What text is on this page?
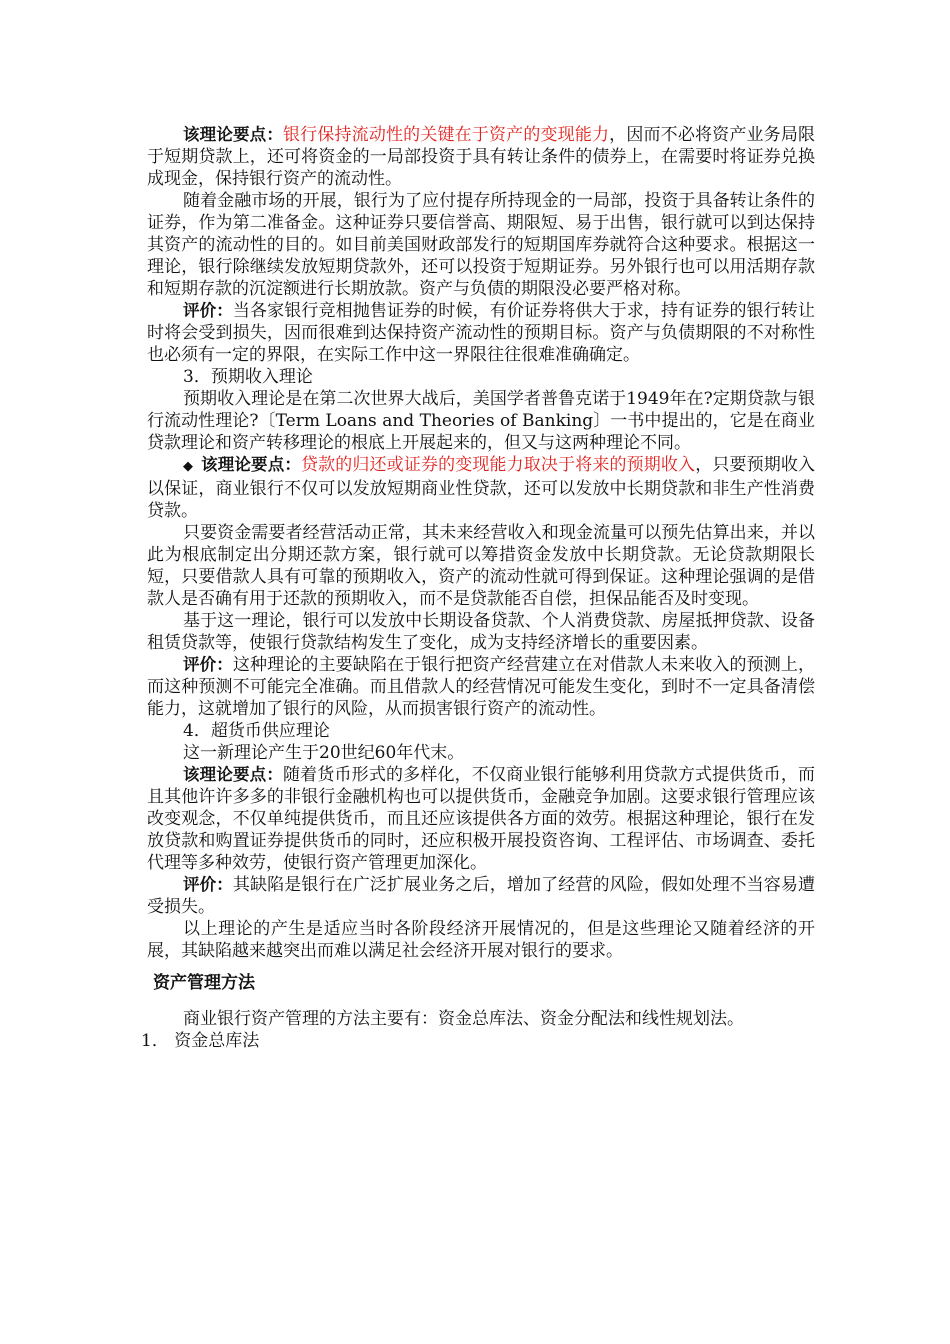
该理论要点：银行保持流动性的关键在于资产的变现能力，因而不必将资产业务局限于短期贷款上，还可将资金的一局部投资于具有转让条件的债券上，在需要时将证券兑换成现金，保持银行资产的流动性。

随着金融市场的开展，银行为了应付提存所持现金的一局部，投资于具备转让条件的证券，作为第二准备金。这种证券只要信誉高、期限短、易于出售，银行就可以到达保持其资产的流动性的目的。如目前美国财政部发行的短期国库券就符合这种要求。根据这一理论，银行除继续发放短期贷款外，还可以投资于短期证券。另外银行也可以用活期存款和短期存款的沉淀额进行长期放款。资产与负债的期限没必要严格对称。

评价：当各家银行竞相抛售证券的时候，有价证券将供大于求，持有证券的银行转让时将会受到损失，因而很难到达保持资产流动性的预期目标。资产与负债期限的不对称性也必须有一定的界限，在实际工作中这一界限往往很难准确确定。

3．预期收入理论

预期收入理论是在第二次世界大战后，美国学者普鲁克诺于1949年在?定期贷款与银行流动性理论?〔Term Loans and Theories of Banking〕一书中提出的，它是在商业贷款理论和资产转移理论的根底上开展起来的，但又与这两种理论不同。

◆ 该理论要点：贷款的归还或证券的变现能力取决于将来的预期收入，只要预期收入以保证，商业银行不仅可以发放短期商业性贷款，还可以发放中长期贷款和非生产性消费贷款。

只要资金需要者经营活动正常，其未来经营收入和现金流量可以预先估算出来，并以此为根底制定出分期还款方案，银行就可以筹措资金发放中长期贷款。无论贷款期限长短，只要借款人具有可靠的预期收入，资产的流动性就可得到保证。这种理论强调的是借款人是否确有用于还款的预期收入，而不是贷款能否自偿，担保品能否及时变现。

基于这一理论，银行可以发放中长期设备贷款、个人消费贷款、房屋抵押贷款、设备租赁贷款等，使银行贷款结构发生了变化，成为支持经济增长的重要因素。

评价：这种理论的主要缺陷在于银行把资产经营建立在对借款人未来收入的预测上，而这种预测不可能完全准确。而且借款人的经营情况可能发生变化，到时不一定具备清偿能力，这就增加了银行的风险，从而损害银行资产的流动性。

4．超货币供应理论

这一新理论产生于20世纪60年代末。

该理论要点：随着货币形式的多样化，不仅商业银行能够利用贷款方式提供货币，而且其他许许多多的非银行金融机构也可以提供货币，金融竞争加剧。这要求银行管理应该改变观念，不仅单纯提供货币，而且还应该提供各方面的效劳。根据这种理论，银行在发放贷款和购置证券提供货币的同时，还应积极开展投资咨询、工程评估、市场调查、委托代理等多种效劳，使银行资产管理更加深化。

评价：其缺陷是银行在广泛扩展业务之后，增加了经营的风险，假如处理不当容易遭受损失。

以上理论的产生是适应当时各阶段经济开展情况的，但是这些理论又随着经济的开展，其缺陷越来越突出而难以满足社会经济开展对银行的要求。

资产管理方法

商业银行资产管理的方法主要有：资金总库法、资金分配法和线性规划法。

1． 资金总库法
